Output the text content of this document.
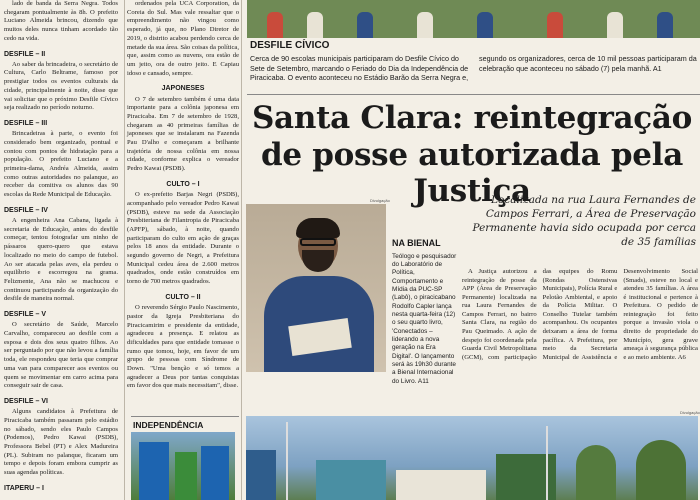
lado de banda da Serra Negra. Todos chegaram pontualmente às 8h. O prefeito Luciano Almeida brincou, dizendo que muitos deles nunca tinham acordado tão cedo na vida.

DESFILE – II

Ao saber da brincadeira, o secretário de Cultura, Carlo Beltrame, famoso por prestigiar todos os eventos culturais da cidade, principalmente à noite, disse que vai solicitar que o próximo Desfile Cívico seja realizado no período noturno.

DESFILE – III

Brincadeiras à parte, o evento foi considerado bem organizado, pontual e contou com pontos de hidratação para a população. O prefeito Luciano e a primeira-dama, Andréa Almeida, assim como outras autoridades no palanque, ao receber da comitiva os alunos das 90 escolas da Rede Municipal de Educação.

DESFILE – IV

A engenheira Ana Cabana, ligada à secretaria de Educação, antes do desfile começar, tentou fotografar um ninho de pássaros quero-quero que estava localizado no meio do campo de futebol. Ao ser atacada pelas aves, ela perdeu o equilíbrio e escorregou na grama. Felizmente, Ana não se machucou e continuou participando da organização do desfile de maneira normal.

DESFILE – V

O secretário de Saúde, Marcelo Carvalho, compareceu ao desfile com a esposa e dois dos seus quatro filhos. Ao ser perguntado por que não levou a família toda, ele respondeu que teria que comprar uma van para comparecer aos eventos ou quem se movimentar em carro acima para conseguir sair de casa.

DESFILE – VI

Alguns candidatos à Prefeitura de Piracicaba também passaram pelo estádio no sábado, sendo eles Paulo Campos (Podemos), Pedro Kawai (PSDB), Professora Bebel (PT) e Alex Madureira (PL). Subiram no palanque, ficaram um tempo e depois foram embora cumprir as suas agendas políticas.

ITAPERU – I

ordenados pela UCA Corporation, da Coreia do Sul. Mas vale ressaltar que o empreendimento não vingou como esperado, já que, no Plano Diretor de 2019, o distrito acabou perdendo cerca de metade da sua área. São coisas da política, que, assim como as nuvens, ora estão de um jeito, ora de outro jeito. E Capiau idoso e cansado, sempre.

JAPONESES

O 7 de setembro também é uma data importante para a colônia japonesa em Piracicaba. Em 7 de setembro de 1928, chegaram as 40 primeiras famílias de japoneses que se instalaram na Fazenda Pau D'alho e começaram a brilhante trajetória de nossa colônia em nossa cidade, conforme explica o vereador Pedro Kawai (PSDB).

CULTO – I

O ex-prefeito Barjas Negri (PSDB), acompanhado pelo vereador Pedro Kawai (PSDB), esteve na sede da Associação Presbiteriana de Filantropia de Piracicaba (APFP), sábado, à noite, quando participaram do culto em ação de graças pelos 18 anos da entidade. Durante o segundo governo de Negri, a Prefeitura Municipal cedeu área de 2.600 metros quadrados, onde estão construídos em torno de 700 metros quadrados.

CULTO – II

O reverendo Sérgio Paulo Nascimento, pastor da Igreja Presbiteriana do Piracicamirim e presidente da entidade, agradeceu a presença. E relatou as dificuldades para que entidade tomasse o rumo que tomou, hoje, em favor de um grupo de pessoas com Síndrome de Down. "Uma benção e só temos a agradecer a Deus por tantas conquistas em favor dos que mais necessitam", disse.

DESFILE CÍVICO
Cerca de 90 escolas municipais participaram do Desfile Cívico do Sete de Setembro, marcando o Feriado do Dia da Independência de Piracicaba. O evento aconteceu no Estádio Barão da Serra Negra e, segundo os organizadores, cerca de 10 mil pessoas participaram da celebração que aconteceu no sábado (7) pela manhã. A1
Santa Clara: reintegração de posse autorizada pela Justiça
Divulgação
NA BIENAL

Teólogo e pesquisador do Laboratório de Política, Comportamento e Mídia da PUC-SP (Labô), o piracicabano Rodolfo Capler lança nesta quarta-feira (12) o seu quarto livro, 'Conectados – liderando a nova geração na Era Digital'. O lançamento será às 19h30 durante a Bienal Internacional do Livro. A11

Localizada na rua Laura Fernandes de Campos Ferrari, a Área de Preservação Permanente havia sido ocupada por cerca de 35 famílias

A Justiça autorizou a reintegração de posse da APP (Área de Preservação Permanente) localizada na rua Laura Fernandes de Campos Ferrari, no bairro Santa Clara, na região do Pau Queimado. A ação de despejo foi coordenada pela Guarda Civil Metropolitana (GCM), com participação das equipes do Romu (Rondas Ostensivas Municipais), Polícia Rural e Pelotão Ambiental, e apoio da Polícia Militar. O Conselho Tutelar também acompanhou. Os ocupantes deixaram a área de forma pacífica. A Prefeitura, por meio da Secretaria Municipal de Assistência e Desenvolvimento Social (Smads), esteve no local e atendeu 35 famílias. A área é institucional e pertence à Prefeitura. O pedido de reintegração foi feito porque a invasão viola o direito de propriedade do Município, gera grave ameaça à segurança pública e ao meio ambiente. A6

Divulgação
INDEPENDÊNCIA
